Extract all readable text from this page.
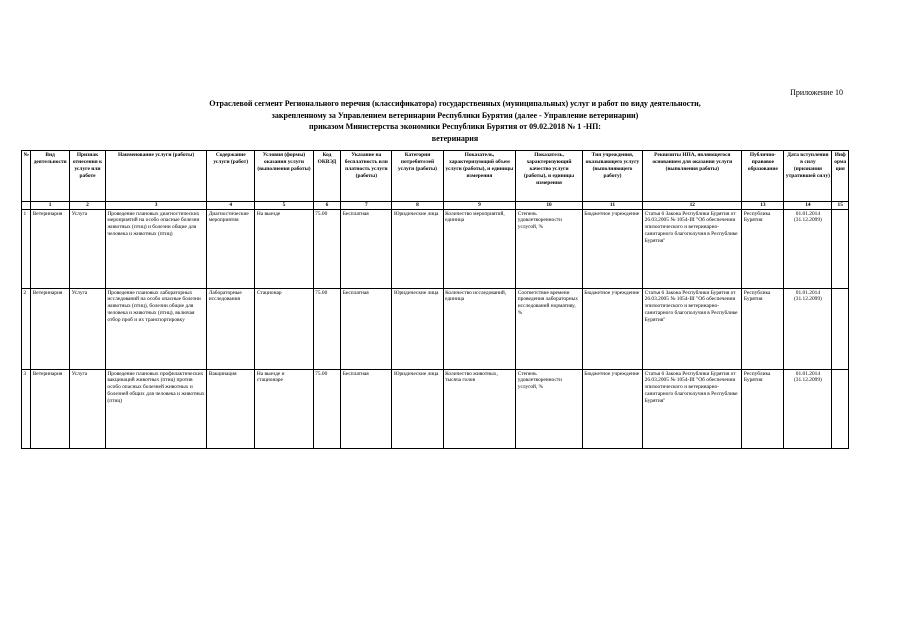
Приложение 10
Отраслевой сегмент Регионального перечня (классификатора) государственных (муниципальных) услуг и работ по виду деятельности,
закрепленному за Управлением ветеринарии Республики Бурятия (далее - Управление ветеринарии)
приказом Министерства экономики Республики Бурятия от 09.02.2018 № 1 -НП:
ветеринария
№	Вид деятельности	Признак отнесения к услуге или работе	Наименование услуги (работы)	Содержание услуги (работ)	Условия (формы) оказания услуги (выполнения работы)	Код ОКВЭД	Указание на бесплатность или платность услуги (работы)	Категории потребителей услуги (работы)	Показатель, характеризующий объем услуги (работы), и единицы измерения	Показатель, характеризующий качество услуги (работы), и единицы измерения	Тип учреждения, оказывающего услугу (выполняющего работу)	Реквизиты НПА, являющегося основанием для оказания услуги (выполнения работы)	Публично-правовое образование	Дата вступления в силу (признания утратившей силу)	Информация
	1	2	3	4	5	6	7	8	9	10	11	12	13	14	15
1	Ветеринария	Услуга	Проведение плановых диагностических мероприятий на особо опасные болезни животных (птиц) и болезни общие для человека и животных (птиц)	Диагностические мероприятия	На выезде	75.00	Бесплатная	Юридические лица	Количество мероприятий, единица	Степень удовлетворенности услугой, %	Бюджетное учреждение	Статья 6 Закона Республики Бурятия от 26.03.2005 № 1054-III "Об обеспечении эпизоотического и ветеринарно-санитарного благополучия в Республике Бурятия"	Республика Бурятия	01.01.2014 (31.12.2099)	
2	Ветеринария	Услуга	Проведение плановых лабораторных исследований на особо опасные болезни животных (птиц), болезни общие для человека и животных (птиц), включая отбор проб и их транспортировку	Лабораторные исследования	Стационар	75.00	Бесплатная	Юридические лица	Количество исследований, единица	Соответствие времени проведения лабораторных исследований нормативу, %	Бюджетное учреждение	Статья 6 Закона Республики Бурятия от 26.03.2005 № 1054-III "Об обеспечении эпизоотического и ветеринарно-санитарного благополучия в Республике Бурятия"	Республика Бурятия	01.01.2014 (31.12.2099)	
3	Ветеринария	Услуга	Проведение плановых профилактических вакцинаций животных (птиц) против особо опасных болезней животных и болезней общих для человека и животных (птиц)	Вакцинация	На выезде и стационаре	75.00	Бесплатная	Юридические лица	Количество животных, тысяча голов	Степень удовлетворенности услугой, %	Бюджетное учреждение	Статья 6 Закона Республики Бурятия от 26.03.2005 № 1054-III "Об обеспечении эпизоотического и ветеринарно-санитарного благополучия в Республике Бурятия"	Республика Бурятия	01.01.2014 (31.12.2099)	
